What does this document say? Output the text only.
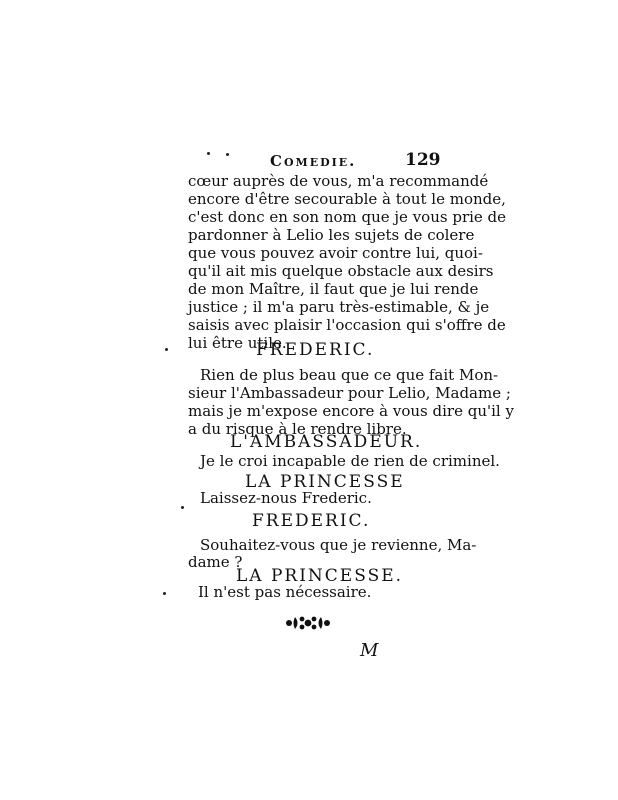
Comedie.	129
cœur auprès de vous, m'a recommandé
encore d'être secourable à tout le monde,
c'est donc en son nom que je vous prie de
pardonner à Lelio les sujets de colere
que vous pouvez avoir contre lui, quoi-
qu'il ait mis quelque obstacle aux desirs
de mon Maître, il faut que je lui rende
justice ; il m'a paru très-estimable, & je
saisis avec plaisir l'occasion qui s'offre de
lui être utile.
FREDERIC.
Rien de plus beau que ce que fait Mon-
sieur l'Ambassadeur pour Lelio, Madame ;
mais je m'expose encore à vous dire qu'il y
a du risque à le rendre libre.
L'AMBASSADEUR.
Je le croi incapable de rien de criminel.
LA PRINCESSE
Laissez-nous Frederic.
FREDERIC.
Souhaitez-vous que je revienne, Ma-
dame ?
LA PRINCESSE.
Il n'est pas nécessaire.
M
